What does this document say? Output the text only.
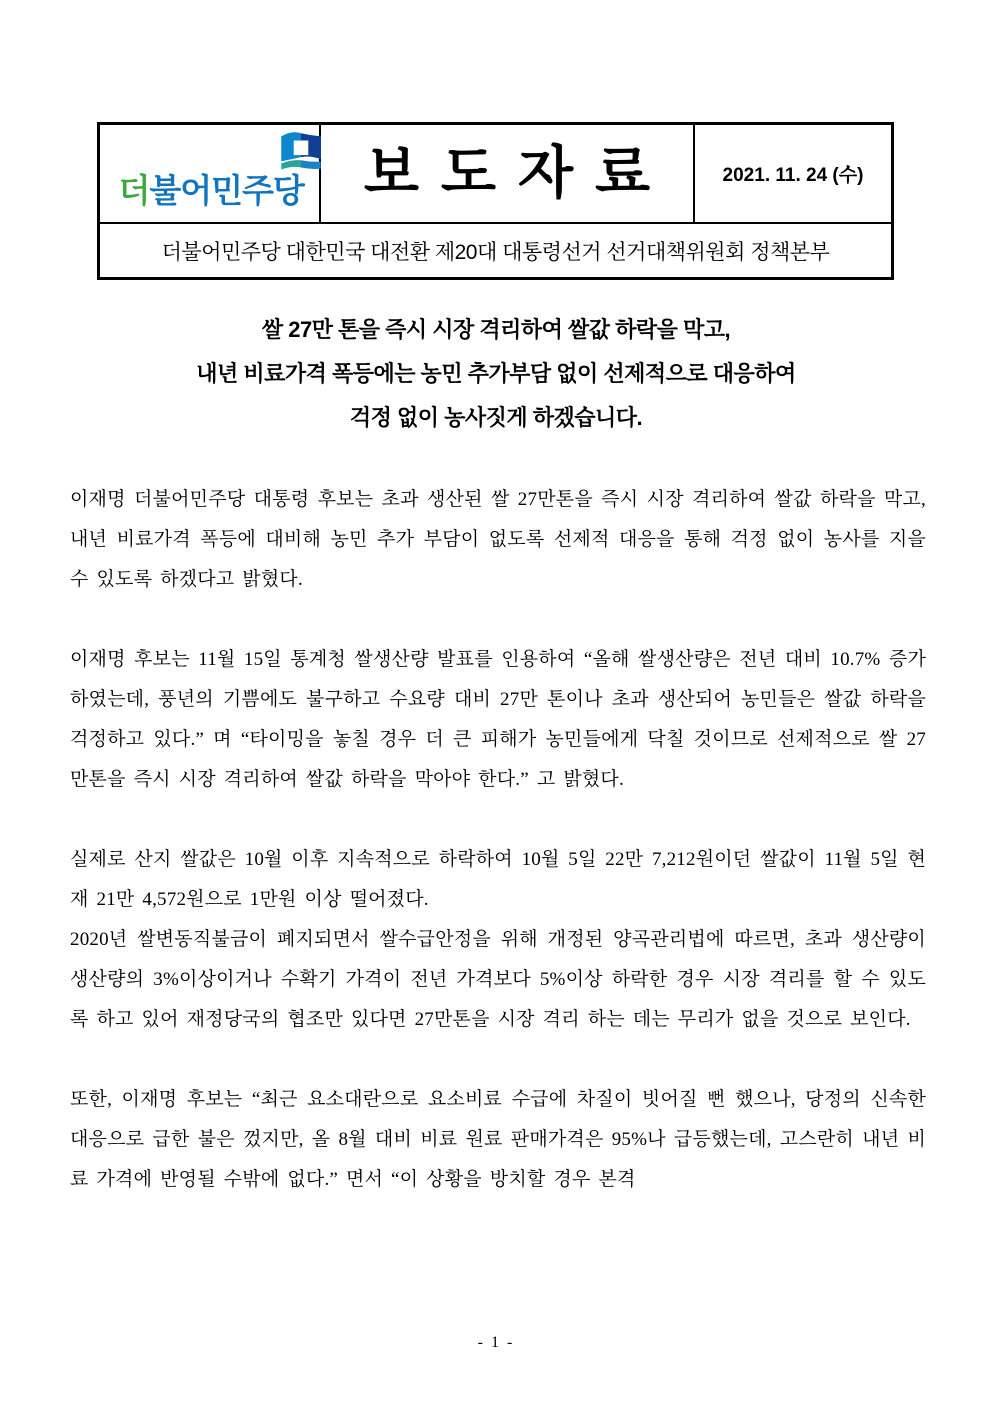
더불어민주당 보도자료	2021. 11. 24 (수)
더불어민주당 대한민국 대전환 제20대 대통령선거 선거대책위원회 정책본부
쌀 27만 톤을 즉시 시장 격리하여 쌀값 하락을 막고,
내년 비료가격 폭등에는 농민 추가부담 없이 선제적으로 대응하여
걱정 없이 농사짓게 하겠습니다.

이재명 더불어민주당 대통령 후보는 초과 생산된 쌀 27만톤을 즉시 시장 격리하여 쌀값 하락을 막고, 내년 비료가격 폭등에 대비해 농민 추가 부담이 없도록 선제적 대응을 통해 걱정 없이 농사를 지을 수 있도록 하겠다고 밝혔다.

이재명 후보는 11월 15일 통계청 쌀생산량 발표를 인용하여 “올해 쌀생산량은 전년 대비 10.7% 증가하였는데, 풍년의 기쁨에도 불구하고 수요량 대비 27만 톤이나 초과 생산되어 농민들은 쌀값 하락을 걱정하고 있다.” 며 “타이밍을 놓칠 경우 더 큰 피해가 농민들에게 닥칠 것이므로 선제적으로 쌀 27만톤을 즉시 시장 격리하여 쌀값 하락을 막아야 한다.” 고 밝혔다.

실제로 산지 쌀값은 10월 이후 지속적으로 하락하여 10월 5일 22만 7,212원이던 쌀값이 11월 5일 현재 21만 4,572원으로 1만원 이상 떨어졌다.

2020년 쌀변동직불금이 폐지되면서 쌀수급안정을 위해 개정된 양곡관리법에 따르면, 초과 생산량이 생산량의 3%이상이거나 수확기 가격이 전년 가격보다 5%이상 하락한 경우 시장 격리를 할 수 있도록 하고 있어 재정당국의 협조만 있다면 27만톤을 시장 격리 하는 데는 무리가 없을 것으로 보인다.

또한, 이재명 후보는 “최근 요소대란으로 요소비료 수급에 차질이 빗어질 뻔 했으나, 당정의 신속한 대응으로 급한 불은 껐지만, 올 8월 대비 비료 원료 판매가격은 95%나 급등했는데, 고스란히 내년 비료 가격에 반영될 수밖에 없다.” 면서 “이 상황을 방치할 경우 본격

- 1 -
